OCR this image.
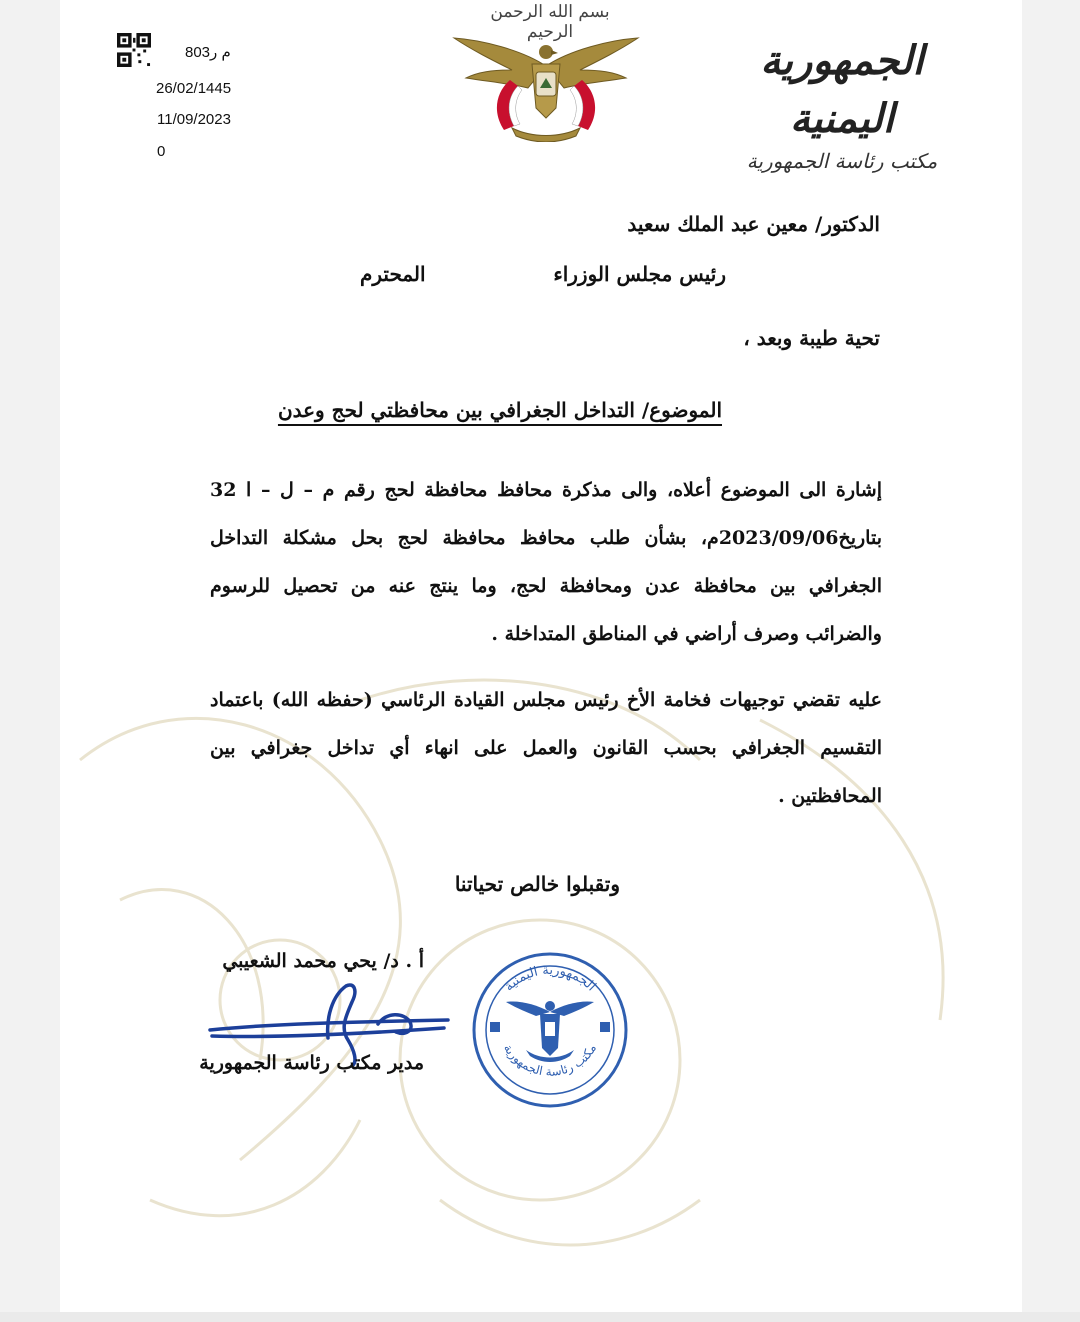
803م ر
26/02/1445
11/09/2023
0
بسم الله الرحمن الرحيم
الجمهورية اليمنية
مكتب رئاسة الجمهورية
الدكتور/ معين عبد الملك سعيد
رئيس مجلس الوزراء
المحترم
تحية طيبة وبعد ،
الموضوع/ التداخل الجغرافي بين محافظتي لحج وعدن
إشارة الى الموضوع أعلاه، والى مذكرة محافظ محافظة لحج رقم م – ل – ا 32 بتاريخ2023/09/06م، بشأن طلب محافظ محافظة لحج بحل مشكلة التداخل الجغرافي بين محافظة عدن ومحافظة لحج، وما ينتج عنه من تحصيل للرسوم والضرائب وصرف أراضي في المناطق المتداخلة .
عليه تقضي توجيهات فخامة الأخ رئيس مجلس القيادة الرئاسي (حفظه الله) باعتماد التقسيم الجغرافي بحسب القانون والعمل على انهاء أي تداخل جغرافي بين المحافظتين .
وتقبلوا خالص تحياتنا
أ . د/ يحي محمد الشعيبي
مدير مكتب رئاسة الجمهورية
الجمهورية اليمنية
مكتب رئاسة الجمهورية
